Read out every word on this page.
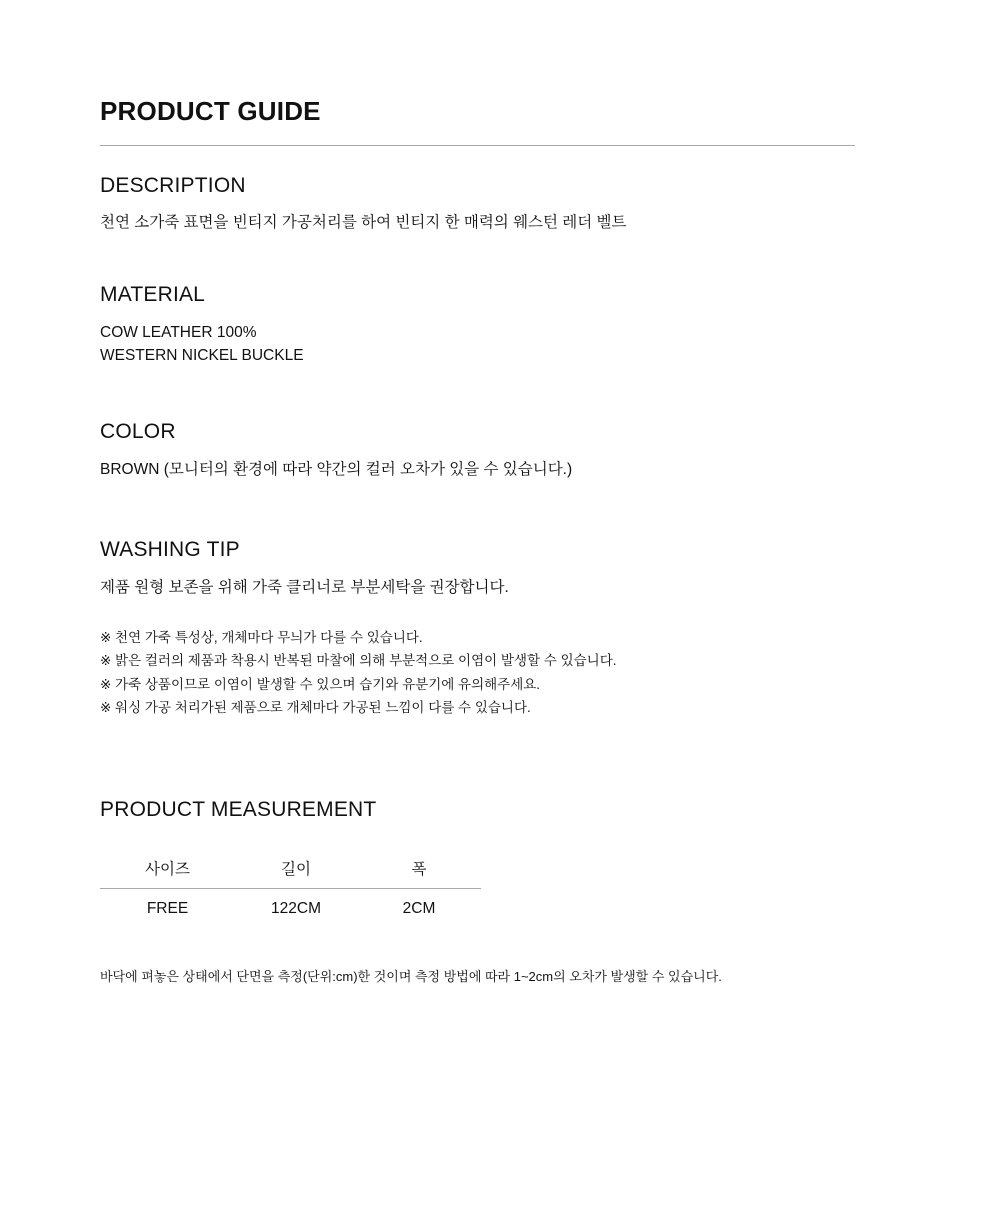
PRODUCT GUIDE
DESCRIPTION
천연 소가죽 표면을 빈티지 가공처리를 하여 빈티지 한 매력의 웨스턴 레더 벨트
MATERIAL
COW LEATHER 100%
WESTERN NICKEL BUCKLE
COLOR
BROWN (모니터의 환경에 따라 약간의 컬러 오차가 있을 수 있습니다.)
WASHING TIP
제품 원형 보존을 위해 가죽 클리너로 부분세탁을 권장합니다.
※ 천연 가죽 특성상, 개체마다 무늬가 다를 수 있습니다.
※ 밝은 컬러의 제품과 착용시 반복된 마찰에 의해 부분적으로 이염이 발생할 수 있습니다.
※ 가죽 상품이므로 이염이 발생할 수 있으며 습기와 유분기에 유의해주세요.
※ 워싱 가공 처리가된 제품으로 개체마다 가공된 느낌이 다를 수 있습니다.
PRODUCT MEASUREMENT
사이즈	길이	폭
FREE	122CM	2CM
바닥에 펴놓은 상태에서 단면을 측정(단위:cm)한 것이며 측정 방법에 따라 1~2cm의 오차가 발생할 수 있습니다.
